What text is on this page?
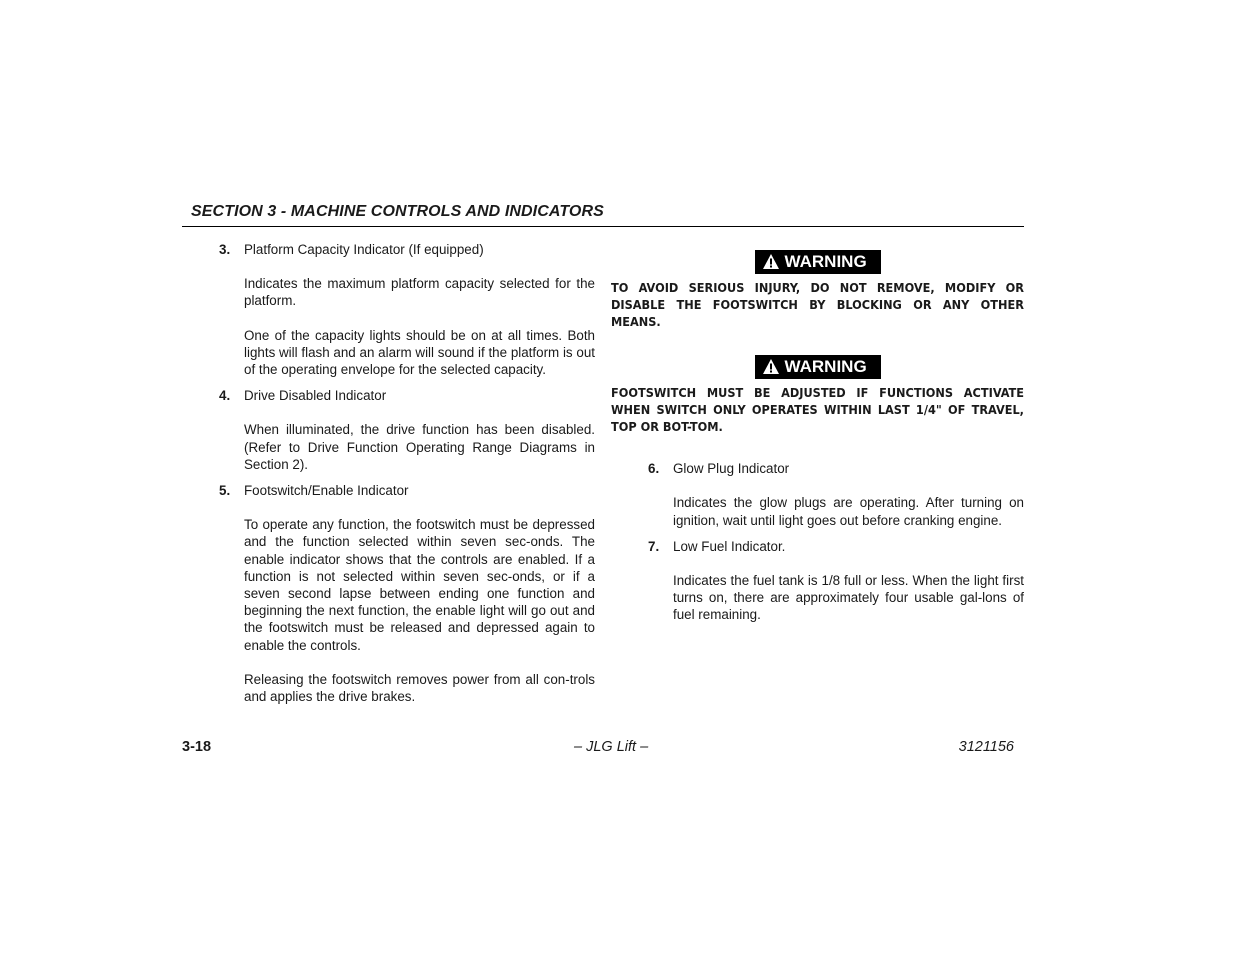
SECTION 3 - MACHINE CONTROLS AND INDICATORS
3. Platform Capacity Indicator (If equipped)

Indicates the maximum platform capacity selected for the platform.

One of the capacity lights should be on at all times. Both lights will flash and an alarm will sound if the platform is out of the operating envelope for the selected capacity.

4. Drive Disabled Indicator

When illuminated, the drive function has been disabled. (Refer to Drive Function Operating Range Diagrams in Section 2).

5. Footswitch/Enable Indicator

To operate any function, the footswitch must be depressed and the function selected within seven sec-onds. The enable indicator shows that the controls are enabled. If a function is not selected within seven sec-onds, or if a seven second lapse between ending one function and beginning the next function, the enable light will go out and the footswitch must be released and depressed again to enable the controls.

Releasing the footswitch removes power from all con-trols and applies the drive brakes.

WARNING

TO AVOID SERIOUS INJURY, DO NOT REMOVE, MODIFY OR DISABLE THE FOOTSWITCH BY BLOCKING OR ANY OTHER MEANS.

WARNING

FOOTSWITCH MUST BE ADJUSTED IF FUNCTIONS ACTIVATE WHEN SWITCH ONLY OPERATES WITHIN LAST 1/4" OF TRAVEL, TOP OR BOT-TOM.

6. Glow Plug Indicator

Indicates the glow plugs are operating. After turning on ignition, wait until light goes out before cranking engine.

7. Low Fuel Indicator.

Indicates the fuel tank is 1/8 full or less. When the light first turns on, there are approximately four usable gal-lons of fuel remaining.

3-18	– JLG Lift –	3121156
